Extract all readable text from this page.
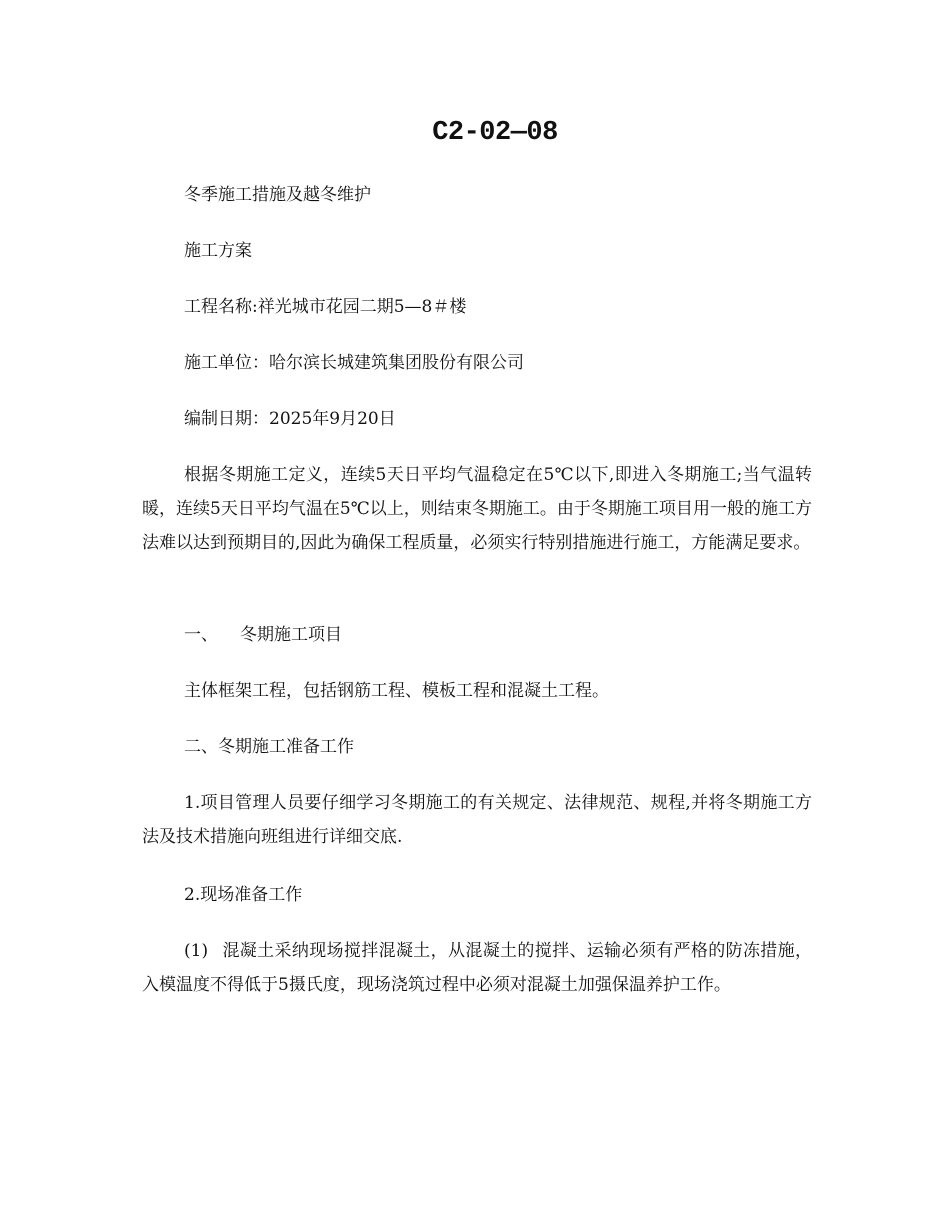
C2-02—08

冬季施工措施及越冬维护

施工方案

工程名称:祥光城市花园二期5—8＃楼

施工单位：哈尔滨长城建筑集团股份有限公司

编制日期：2025年9月20日

根据冬期施工定义，连续5天日平均气温稳定在5℃以下,即进入冬期施工;当气温转暖，连续5天日平均气温在5℃以上，则结束冬期施工。由于冬期施工项目用一般的施工方法难以达到预期目的,因此为确保工程质量，必须实行特别措施进行施工，方能满足要求。

一、 冬期施工项目

主体框架工程，包括钢筋工程、模板工程和混凝土工程。

二、冬期施工准备工作

1.项目管理人员要仔细学习冬期施工的有关规定、法律规范、规程,并将冬期施工方法及技术措施向班组进行详细交底.

2.现场准备工作

(1) 混凝土采纳现场搅拌混凝土，从混凝土的搅拌、运输必须有严格的防冻措施，入模温度不得低于5摄氏度，现场浇筑过程中必须对混凝土加强保温养护工作。
